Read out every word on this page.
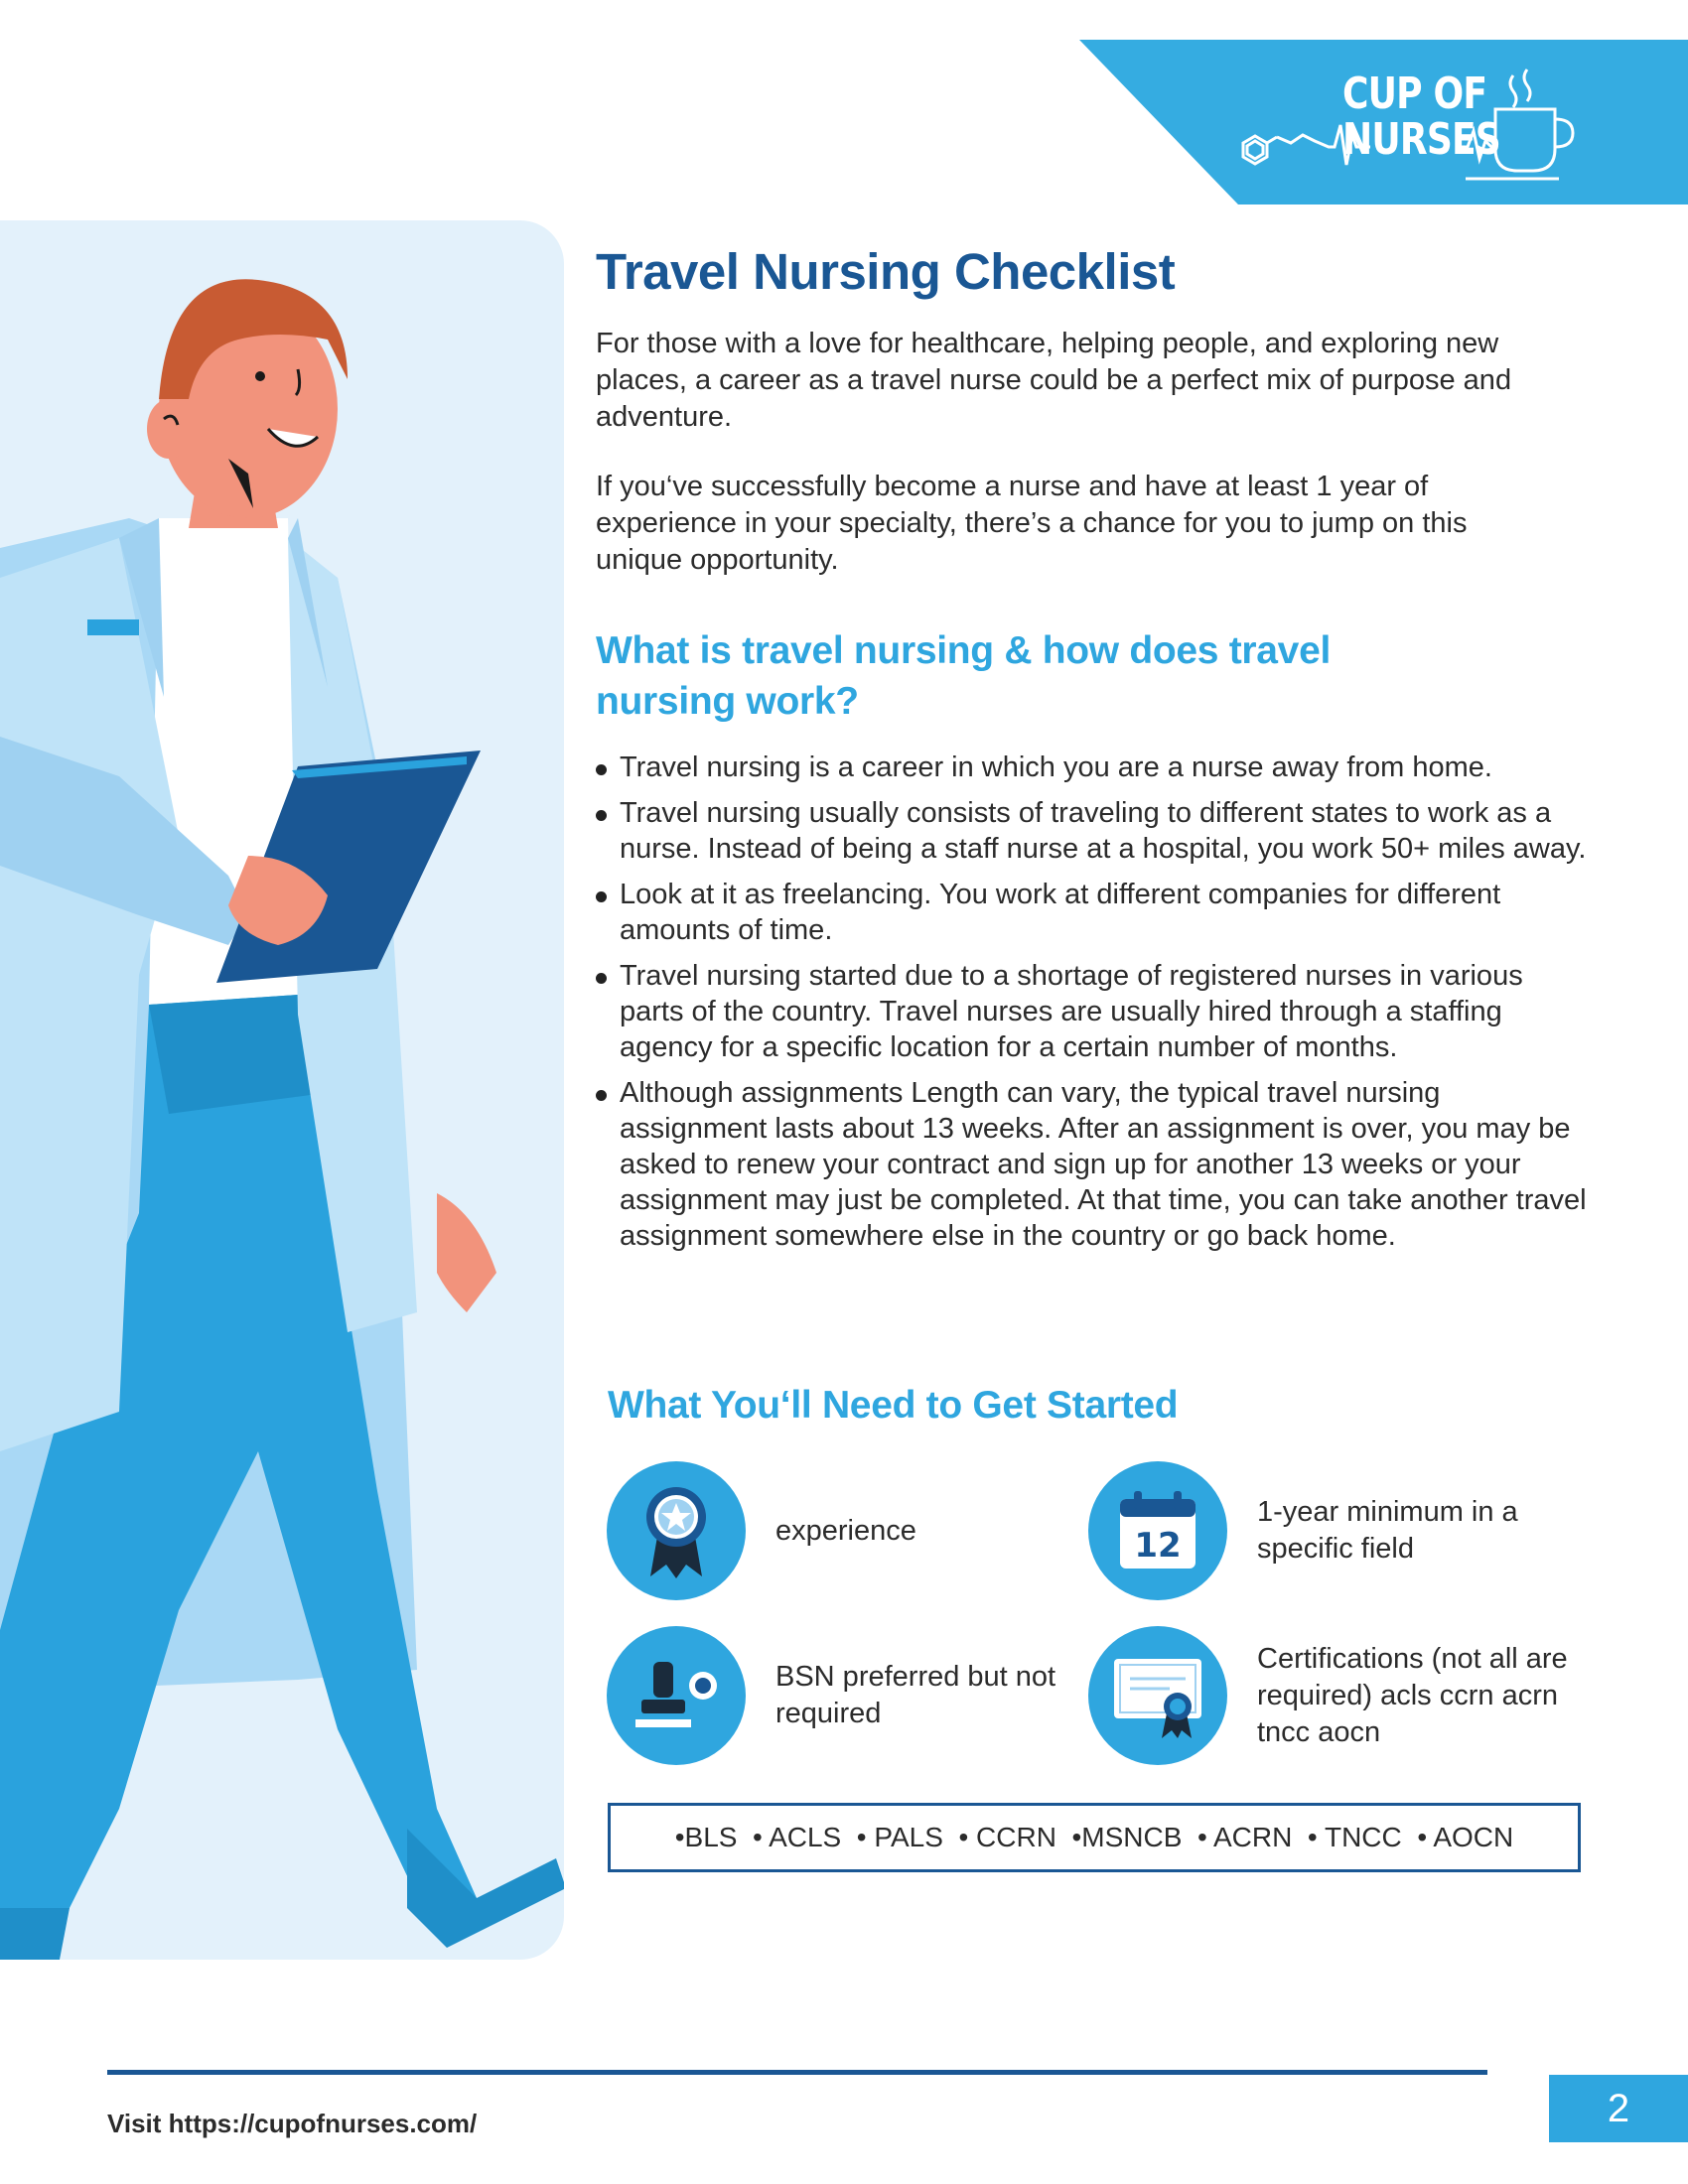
CUP OF
NURSES
Travel Nursing Checklist

For those with a love for healthcare, helping people, and exploring new places, a career as a travel nurse could be a perfect mix of purpose and adventure.

If you‘ve successfully become a nurse and have at least 1 year of experience in your specialty, there’s a chance for you to jump on this unique opportunity.

What is travel nursing & how does travel
nursing work?
Travel nursing is a career in which you are a nurse away from home.
Travel nursing usually consists of traveling to different states to work as a nurse. Instead of being a staff nurse at a hospital, you work 50+ miles away.
Look at it as freelancing. You work at different companies for different amounts of time.
Travel nursing started due to a shortage of registered nurses in various parts of the country. Travel nurses are usually hired through a staffing agency for a specific location for a certain number of months.
Although assignments Length can vary, the typical travel nursing assignment lasts about 13 weeks. After an assignment is over, you may be asked to renew your contract and sign up for another 13 weeks or your assignment may just be completed. At that time, you can take another travel assignment somewhere else in the country or go back home.
What You‘ll Need to Get Started
experience	12
1-year minimum in a specific field
BSN preferred but not required
Certifications (not all are required) acls ccrn acrn tncc aocn
•BLS
• ACLS
• PALS
• CCRN
•MSNCB
• ACRN
• TNCC
• AOCN
Visit https://cupofnurses.com/	2
